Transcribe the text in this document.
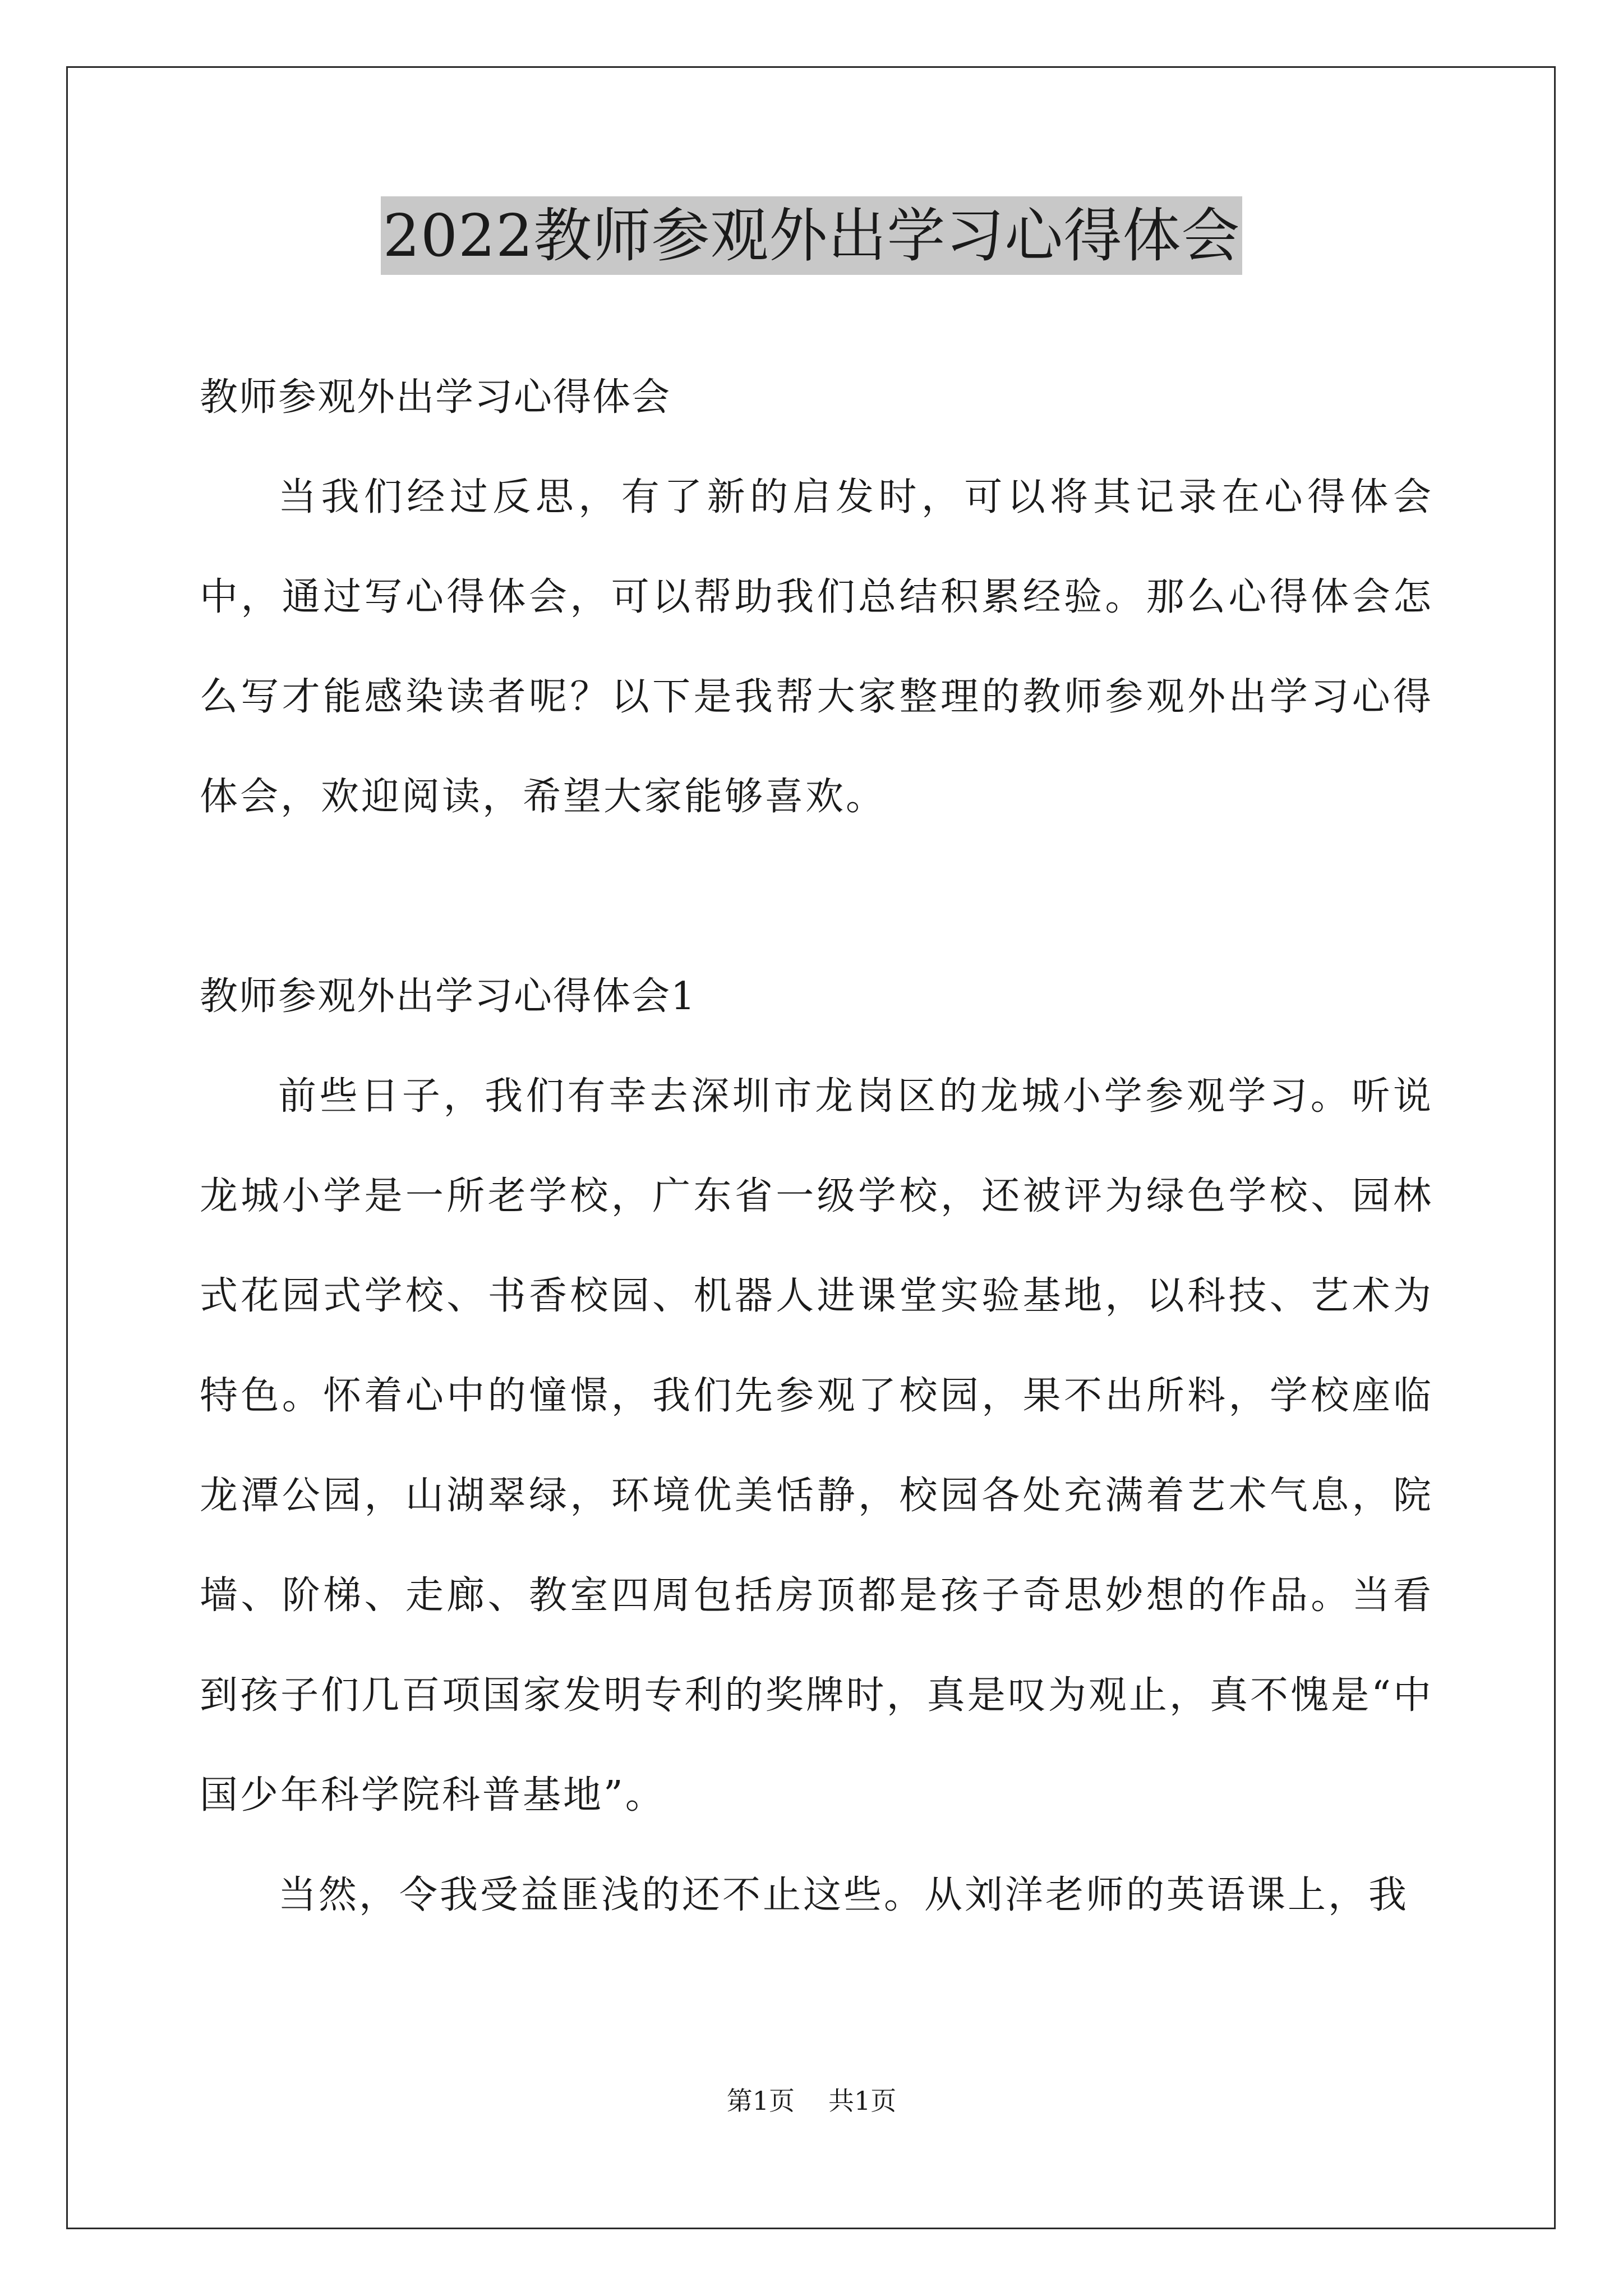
2022教师参观外出学习心得体会

教师参观外出学习心得体会

当我们经过反思，有了新的启发时，可以将其记录在心得体会中，通过写心得体会，可以帮助我们总结积累经验。那么心得体会怎么写才能感染读者呢？以下是我帮大家整理的教师参观外出学习心得体会，欢迎阅读，希望大家能够喜欢。

教师参观外出学习心得体会1

前些日子，我们有幸去深圳市龙岗区的龙城小学参观学习。听说龙城小学是一所老学校，广东省一级学校，还被评为绿色学校、园林式花园式学校、书香校园、机器人进课堂实验基地，以科技、艺术为特色。怀着心中的憧憬，我们先参观了校园，果不出所料，学校座临龙潭公园，山湖翠绿，环境优美恬静，校园各处充满着艺术气息，院墙、阶梯、走廊、教室四周包括房顶都是孩子奇思妙想的作品。当看到孩子们几百项国家发明专利的奖牌时，真是叹为观止，真不愧是“中国少年科学院科普基地”。

当然，令我受益匪浅的还不止这些。从刘洋老师的英语课上，我

第1页 共1页
